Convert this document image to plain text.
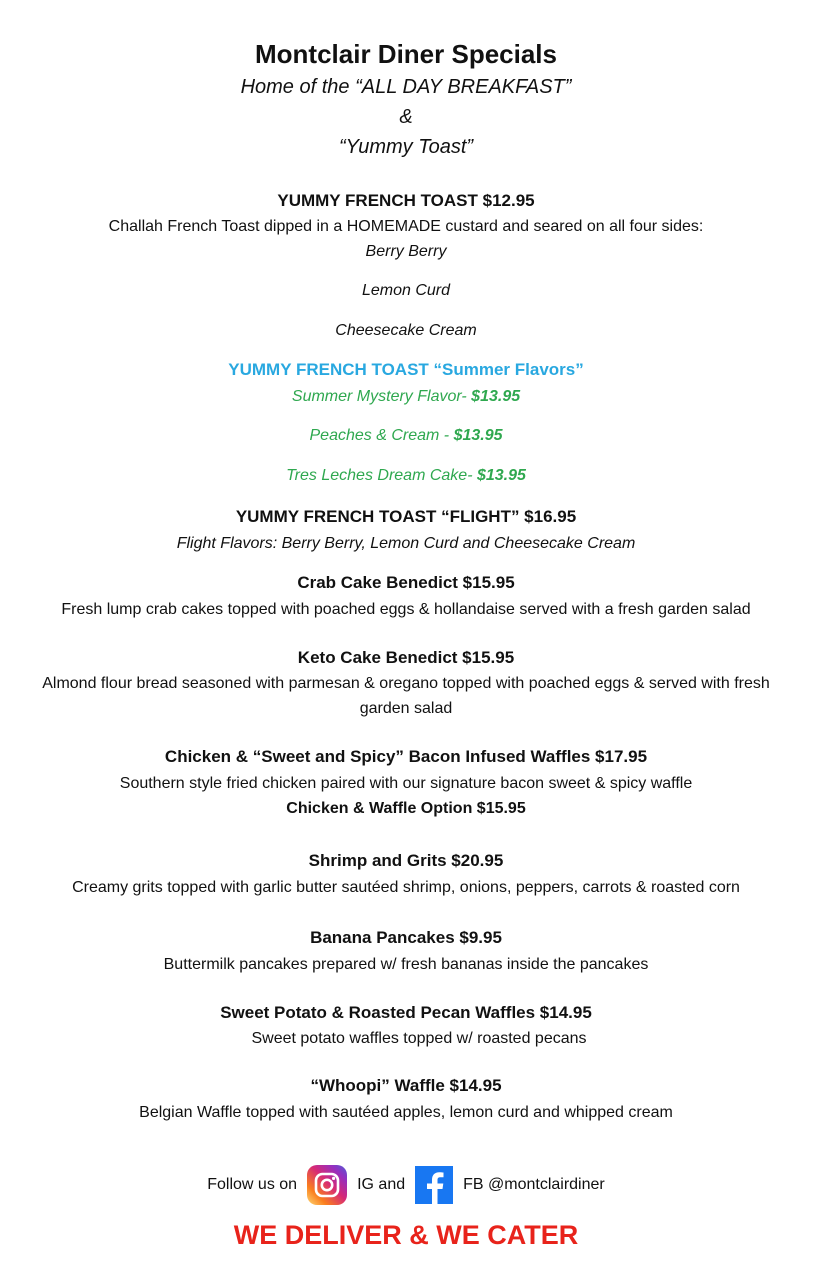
Montclair Diner Specials
Home of the “ALL DAY BREAKFAST”
&
“Yummy Toast”
YUMMY FRENCH TOAST $12.95
Challah French Toast dipped in a HOMEMADE custard and seared on all four sides:
Berry Berry
Lemon Curd
Cheesecake Cream
YUMMY FRENCH TOAST “Summer Flavors”
Summer Mystery Flavor- $13.95
Peaches & Cream - $13.95
Tres Leches Dream Cake- $13.95
YUMMY FRENCH TOAST “FLIGHT” $16.95
Flight Flavors: Berry Berry, Lemon Curd and Cheesecake Cream
Crab Cake Benedict $15.95
Fresh lump crab cakes topped with poached eggs & hollandaise served with a fresh garden salad
Keto Cake Benedict $15.95
Almond flour bread seasoned with parmesan & oregano topped with poached eggs & served with fresh
garden salad
Chicken & “Sweet and Spicy” Bacon Infused Waffles $17.95
Southern style fried chicken paired with our signature bacon sweet & spicy waffle
Chicken & Waffle Option $15.95
Shrimp and Grits $20.95
Creamy grits topped with garlic butter sautéed shrimp, onions, peppers, carrots & roasted corn
Banana Pancakes $9.95
Buttermilk pancakes prepared w/ fresh bananas inside the pancakes
Sweet Potato & Roasted Pecan Waffles $14.95
Sweet potato waffles topped w/ roasted pecans
“Whoopi” Waffle $14.95
Belgian Waffle topped with sautéed apples, lemon curd and whipped cream
Follow us on	IG and	FB @montclairdiner
WE DELIVER & WE CATER
